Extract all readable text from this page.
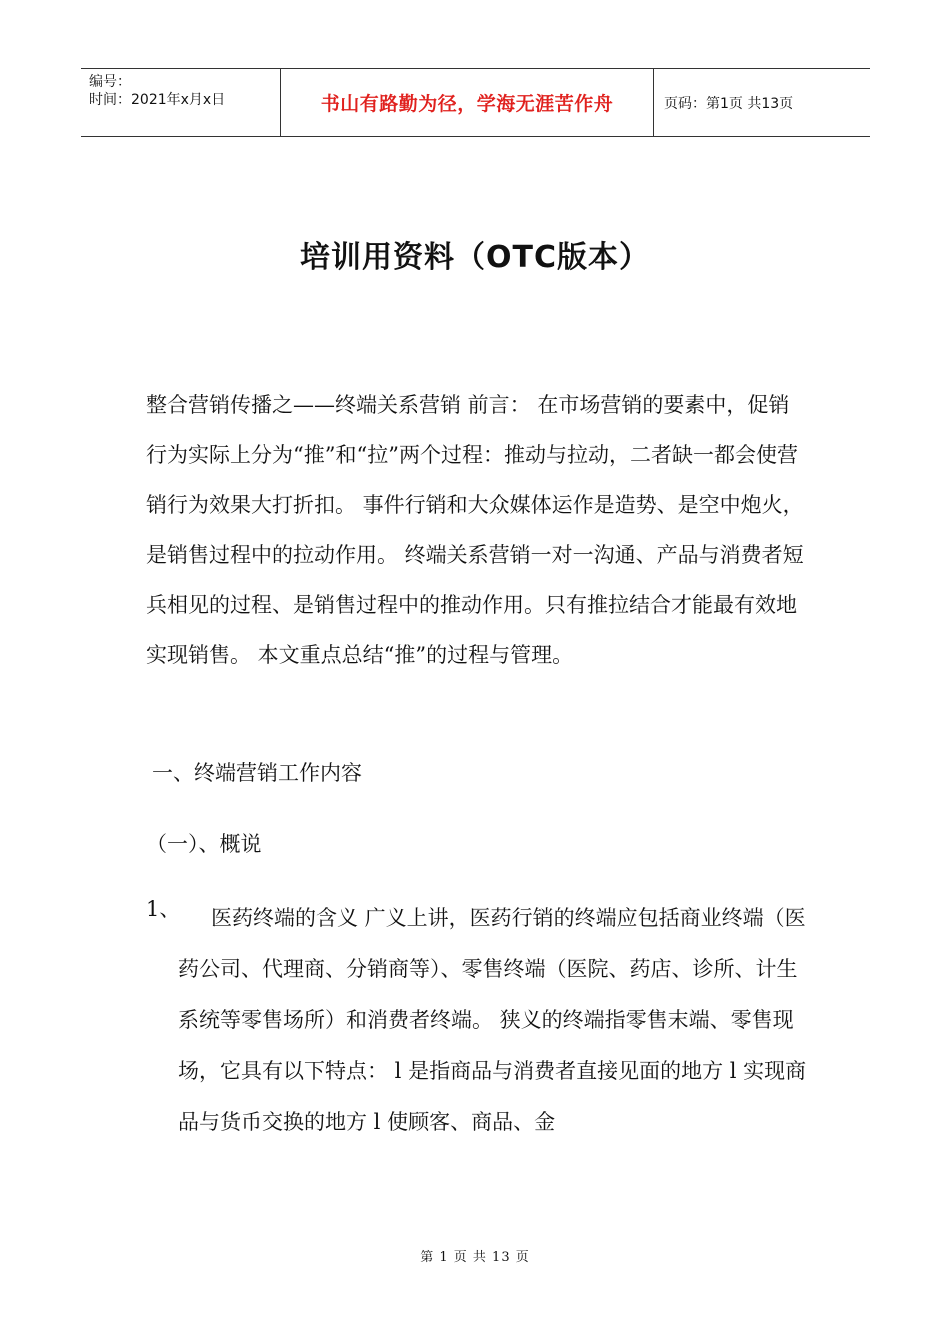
编号：
时间：2021年x月x日	书山有路勤为径，学海无涯苦作舟	页码：第1页 共13页
培训用资料（OTC版本）

整合营销传播之——终端关系营销 前言： 在市场营销的要素中，促销行为实际上分为“推”和“拉”两个过程：推动与拉动，二者缺一都会使营销行为效果大打折扣。 事件行销和大众媒体运作是造势、是空中炮火，是销售过程中的拉动作用。 终端关系营销一对一沟通、产品与消费者短兵相见的过程、是销售过程中的推动作用。只有推拉结合才能最有效地实现销售。 本文重点总结“推”的过程与管理。

一、终端营销工作内容

（一）、概说

1、	医药终端的含义 广义上讲，医药行销的终端应包括商业终端（医药公司、代理商、分销商等）、零售终端（医院、药店、诊所、计生系统等零售场所）和消费者终端。 狭义的终端指零售末端、零售现场，它具有以下特点： l 是指商品与消费者直接见面的地方 l 实现商品与货币交换的地方 l 使顾客、商品、金

第 1 页 共 13 页
